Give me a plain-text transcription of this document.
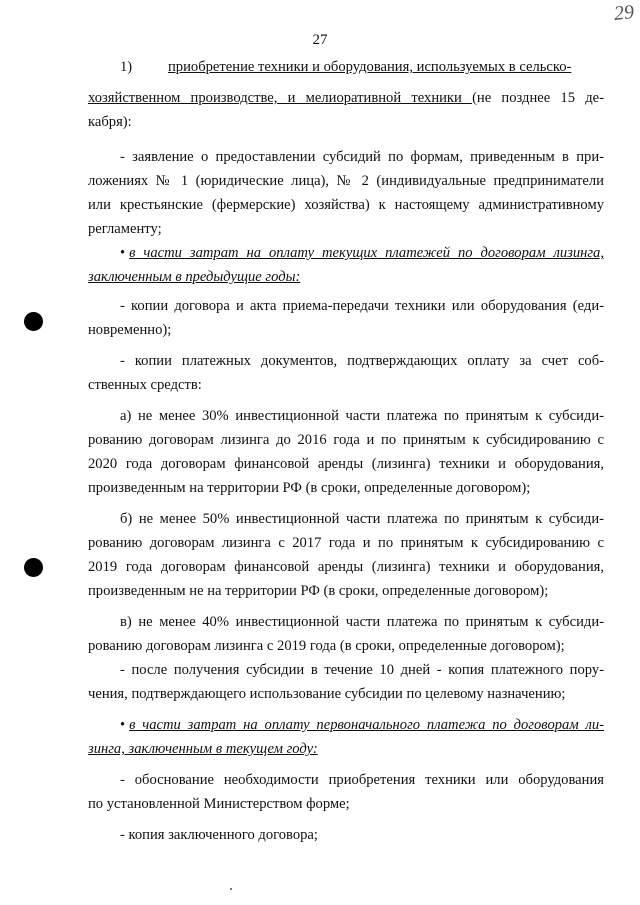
27
29
1) приобретение техники и оборудования, используемых в сельско-
хозяйственном производстве, и мелиоративной техники (не позднее 15 де-
кабря):
- заявление о предоставлении субсидий по формам, приведенным в при-
ложениях № 1 (юридические лица), № 2 (индивидуальные предприниматели
или крестьянские (фермерские) хозяйства) к настоящему административному
регламенту;
• в части затрат на оплату текущих платежей по договорам лизинга,
заключенным в предыдущие годы:
- копии договора и акта приема-передачи техники или оборудования (еди-
новременно);
- копии платежных документов, подтверждающих оплату за счет соб-
ственных средств:
а) не менее 30% инвестиционной части платежа по принятым к субсиди-
рованию договорам лизинга до 2016 года и по принятым к субсидированию с
2020 года договорам финансовой аренды (лизинга) техники и оборудования,
произведенным на территории РФ (в сроки, определенные договором);
б) не менее 50% инвестиционной части платежа по принятым к субсиди-
рованию договорам лизинга с 2017 года и по принятым к субсидированию с
2019 года договорам финансовой аренды (лизинга) техники и оборудования,
произведенным не на территории РФ (в сроки, определенные договором);
в) не менее 40% инвестиционной части платежа по принятым к субсиди-
рованию договорам лизинга с 2019 года (в сроки, определенные договором);
- после получения субсидии в течение 10 дней - копия платежного пору-
чения, подтверждающего использование субсидии по целевому назначению;
• в части затрат на оплату первоначального платежа по договорам ли-
зинга, заключенным в текущем году:
- обоснование необходимости приобретения техники или оборудования
по установленной Министерством форме;
- копия заключенного договора;
